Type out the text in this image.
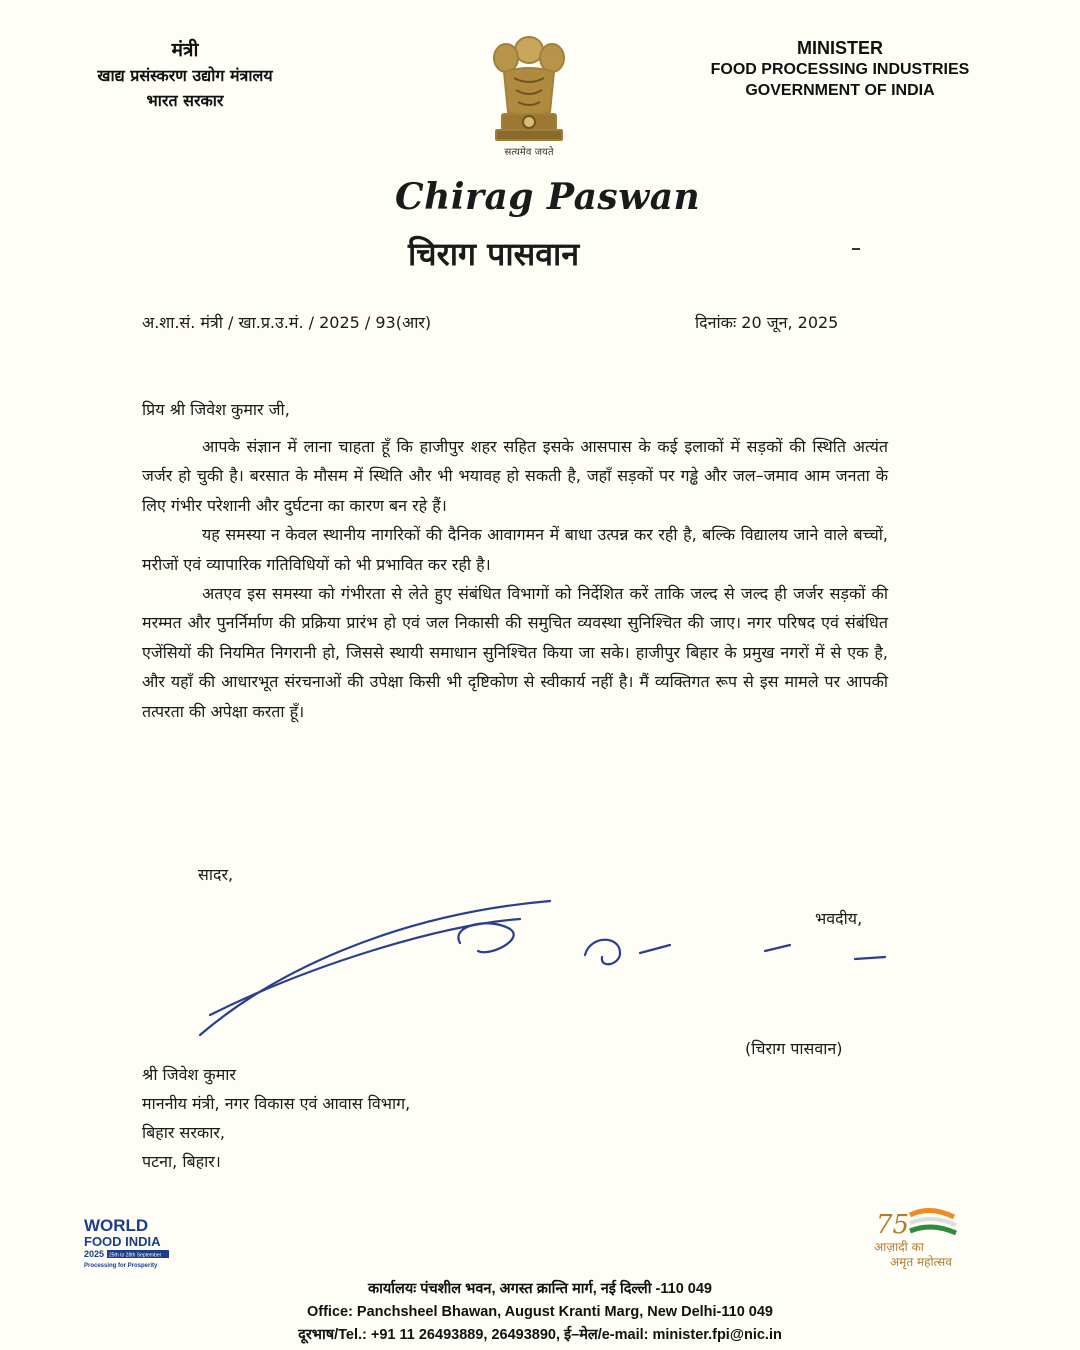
मंत्री
खाद्य प्रसंस्करण उद्योग मंत्रालय
भारत सरकार
सत्यमेव जयते
MINISTER
FOOD PROCESSING INDUSTRIES
GOVERNMENT OF INDIA
Chirag Paswan
चिराग पासवान
अ.शा.सं. मंत्री / खा.प्र.उ.मं. / 2025 / 93(आर)	दिनांकः 20 जून, 2025
प्रिय श्री जिवेश कुमार जी,

आपके संज्ञान में लाना चाहता हूँ कि हाजीपुर शहर सहित इसके आसपास के कई इलाकों में सड़कों की स्थिति अत्यंत जर्जर हो चुकी है। बरसात के मौसम में स्थिति और भी भयावह हो सकती है, जहाँ सड़कों पर गड्ढे और जल–जमाव आम जनता के लिए गंभीर परेशानी और दुर्घटना का कारण बन रहे हैं।

यह समस्या न केवल स्थानीय नागरिकों की दैनिक आवागमन में बाधा उत्पन्न कर रही है, बल्कि विद्यालय जाने वाले बच्चों, मरीजों एवं व्यापारिक गतिविधियों को भी प्रभावित कर रही है।

अतएव इस समस्या को गंभीरता से लेते हुए संबंधित विभागों को निर्देशित करें ताकि जल्द से जल्द ही जर्जर सड़कों की मरम्मत और पुनर्निर्माण की प्रक्रिया प्रारंभ हो एवं जल निकासी की समुचित व्यवस्था सुनिश्चित की जाए। नगर परिषद एवं संबंधित एजेंसियों की नियमित निगरानी हो, जिससे स्थायी समाधान सुनिश्चित किया जा सके। हाजीपुर बिहार के प्रमुख नगरों में से एक है, और यहाँ की आधारभूत संरचनाओं की उपेक्षा किसी भी दृष्टिकोण से स्वीकार्य नहीं है। मैं व्यक्तिगत रूप से इस मामले पर आपकी तत्परता की अपेक्षा करता हूँ।

सादर,
भवदीय,
(चिराग पासवान)
श्री जिवेश कुमार
माननीय मंत्री, नगर विकास एवं आवास विभाग,
बिहार सरकार,
पटना, बिहार।
WORLD
FOOD INDIA
2025 25th to 28th September
Processing for Prosperity
75
आज़ादी का
अमृत महोत्सव
कार्यालयः पंचशील भवन, अगस्त क्रान्ति मार्ग, नई दिल्ली -110 049
Office: Panchsheel Bhawan, August Kranti Marg, New Delhi-110 049
दूरभाष/Tel.: +91 11 26493889, 26493890, ई–मेल/e-mail: minister.fpi@nic.in
